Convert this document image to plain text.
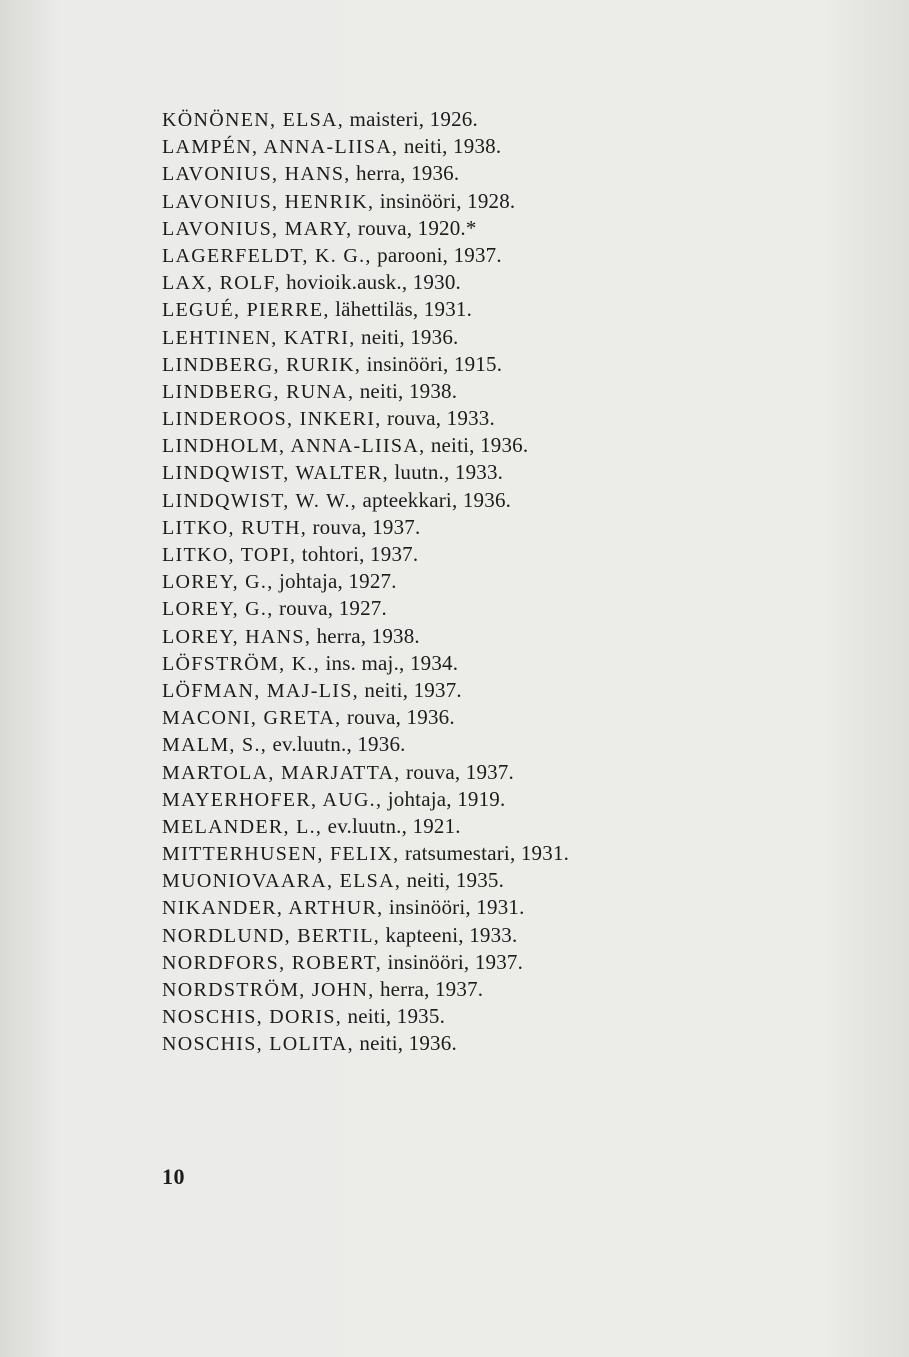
KÖNÖNEN, ELSA, maisteri, 1926.
LAMPÉN, ANNA-LIISA, neiti, 1938.
LAVONIUS, HANS, herra, 1936.
LAVONIUS, HENRIK, insinööri, 1928.
LAVONIUS, MARY, rouva, 1920.*
LAGERFELDT, K. G., parooni, 1937.
LAX, ROLF, hovioik.ausk., 1930.
LEGUÉ, PIERRE, lähettiläs, 1931.
LEHTINEN, KATRI, neiti, 1936.
LINDBERG, RURIK, insinööri, 1915.
LINDBERG, RUNA, neiti, 1938.
LINDEROOS, INKERI, rouva, 1933.
LINDHOLM, ANNA-LIISA, neiti, 1936.
LINDQWIST, WALTER, luutn., 1933.
LINDQWIST, W. W., apteekkari, 1936.
LITKO, RUTH, rouva, 1937.
LITKO, TOPI, tohtori, 1937.
LOREY, G., johtaja, 1927.
LOREY, G., rouva, 1927.
LOREY, HANS, herra, 1938.
LÖFSTRÖM, K., ins. maj., 1934.
LÖFMAN, MAJ-LIS, neiti, 1937.
MACONI, GRETA, rouva, 1936.
MALM, S., ev.luutn., 1936.
MARTOLA, MARJATTA, rouva, 1937.
MAYERHOFER, AUG., johtaja, 1919.
MELANDER, L., ev.luutn., 1921.
MITTERHUSEN, FELIX, ratsumestari, 1931.
MUONIOVAARA, ELSA, neiti, 1935.
NIKANDER, ARTHUR, insinööri, 1931.
NORDLUND, BERTIL, kapteeni, 1933.
NORDFORS, ROBERT, insinööri, 1937.
NORDSTRÖM, JOHN, herra, 1937.
NOSCHIS, DORIS, neiti, 1935.
NOSCHIS, LOLITA, neiti, 1936.
10
